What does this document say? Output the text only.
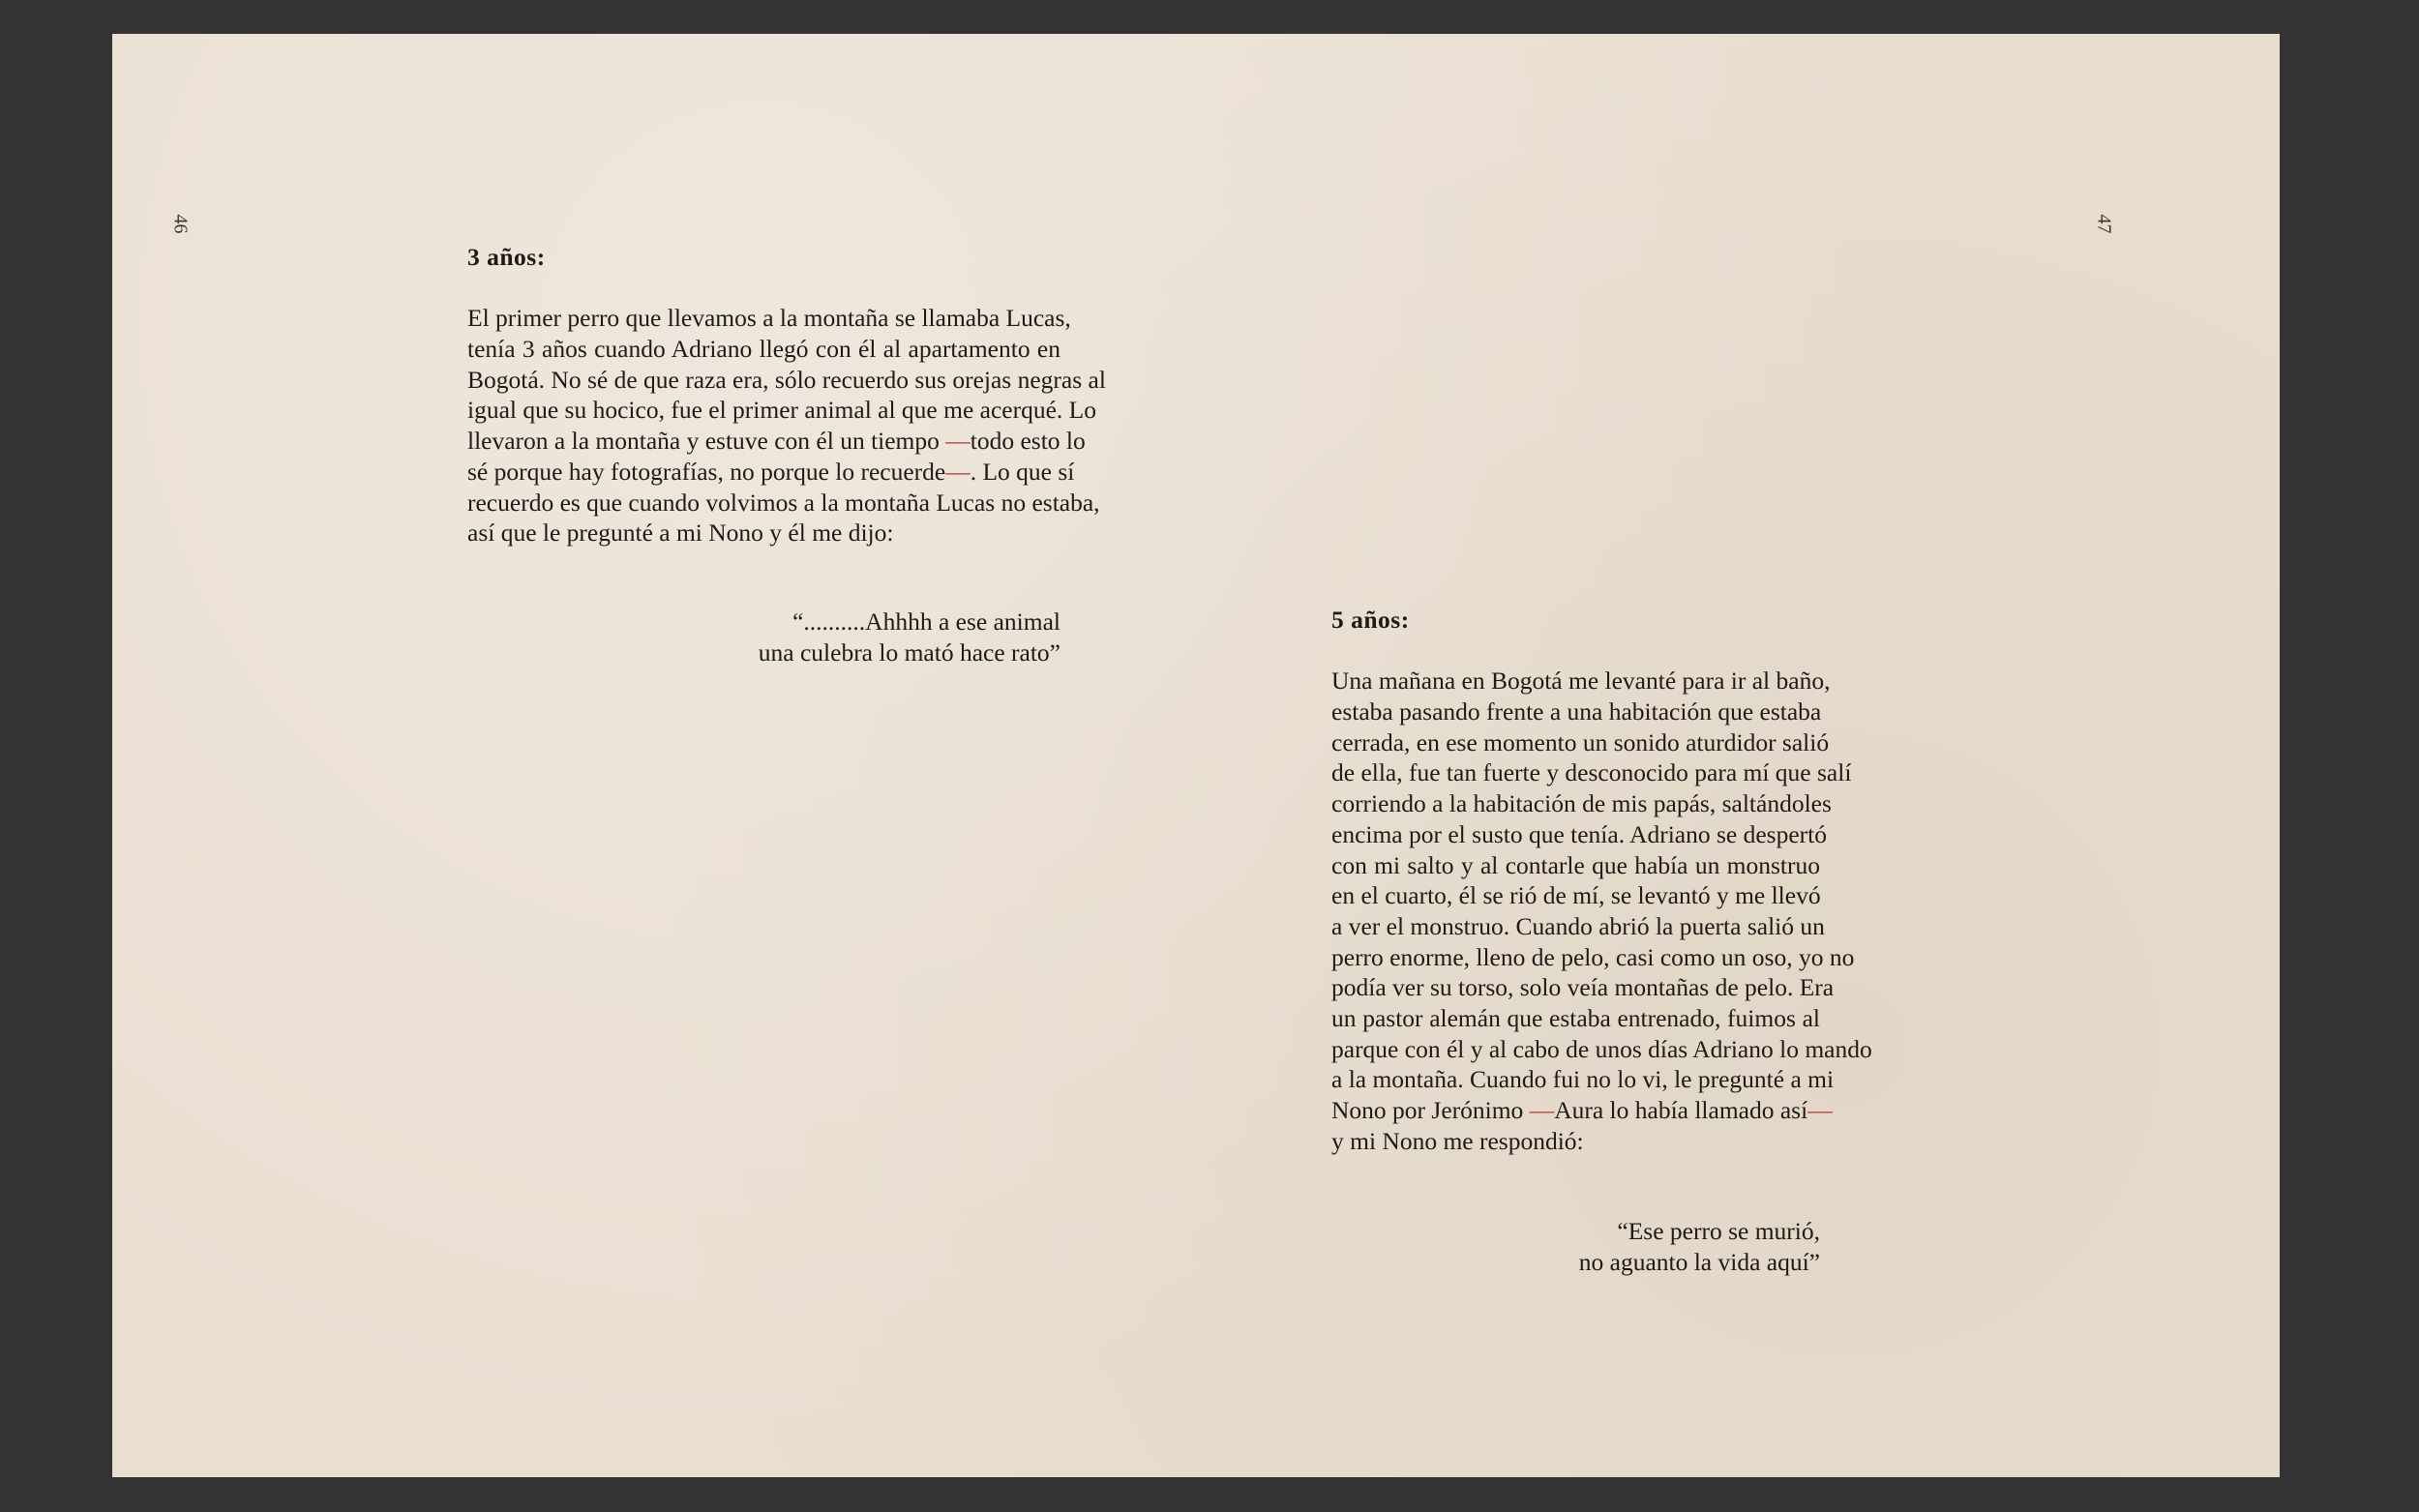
46	47

3 años:

El primer perro que llevamos a la montaña se llamaba Lucas,
tenía 3 años cuando Adriano llegó con él al apartamento en
Bogotá. No sé de que raza era, sólo recuerdo sus orejas negras al
igual que su hocico, fue el primer animal al que me acerqué. Lo
llevaron a la montaña y estuve con él un tiempo —todo esto lo
sé porque hay fotografías, no porque lo recuerde—. Lo que sí
recuerdo es que cuando volvimos a la montaña Lucas no estaba,
así que le pregunté a mi Nono y él me dijo:

“..........Ahhhh a ese animal
una culebra lo mató hace rato”

5 años:

Una mañana en Bogotá me levanté para ir al baño,
estaba pasando frente a una habitación que estaba
cerrada, en ese momento un sonido aturdidor salió
de ella, fue tan fuerte y desconocido para mí que salí
corriendo a la habitación de mis papás, saltándoles
encima por el susto que tenía. Adriano se despertó
con mi salto y al contarle que había un monstruo
en el cuarto, él se rió de mí, se levantó y me llevó
a ver el monstruo. Cuando abrió la puerta salió un
perro enorme, lleno de pelo, casi como un oso, yo no
podía ver su torso, solo veía montañas de pelo. Era
un pastor alemán que estaba entrenado, fuimos al
parque con él y al cabo de unos días Adriano lo mando
a la montaña. Cuando fui no lo vi, le pregunté a mi
Nono por Jerónimo —Aura lo había llamado así—
y mi Nono me respondió:

“Ese perro se murió,
no aguanto la vida aquí”
